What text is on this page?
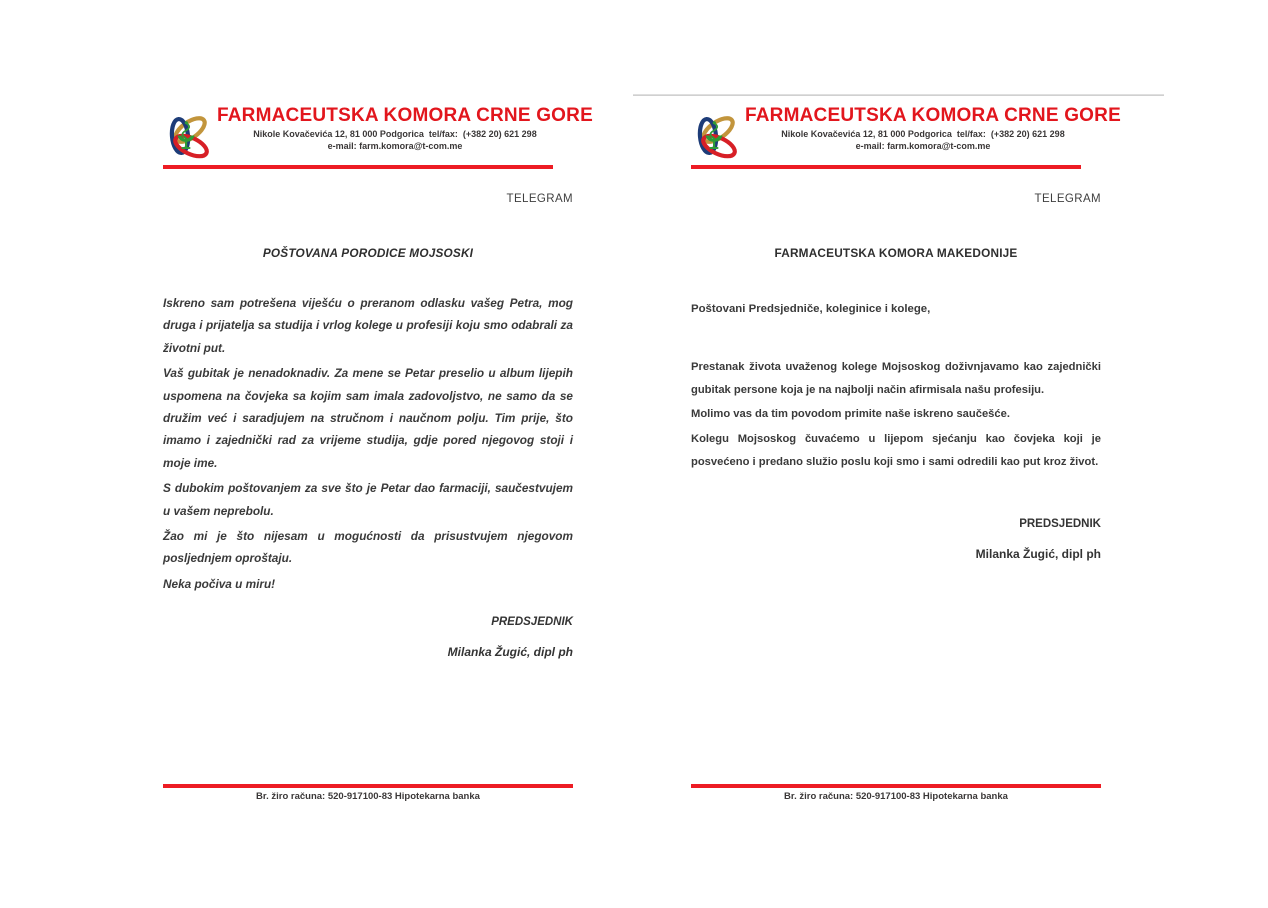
FARMACEUTSKA KOMORA CRNE GORE
Nikole Kovačevića 12, 81 000 Podgorica  tel/fax:  (+382 20) 621 298
e-mail: farm.komora@t-com.me
TELEGRAM
POŠTOVANA PORODICE MOJSOSKI

Iskreno sam potrešena viješću o preranom odlasku vašeg Petra, mog druga i prijatelja sa studija i vrlog kolege u profesiji koju smo odabrali za životni put.

Vaš gubitak je nenadoknadiv. Za mene se Petar preselio u album lijepih uspomena na čovjeka sa kojim sam imala zadovoljstvo, ne samo da se družim već i saradjujem na stručnom i naučnom polju. Tim prije, što imamo i zajednički rad za vrijeme studija, gdje pored njegovog stoji i moje ime.

S dubokim poštovanjem za sve što je Petar dao farmaciji, saučestvujem u vašem neprebolu.

Žao mi je što nijesam u mogućnosti da prisustvujem njegovom posljednjem oproštaju.

Neka počiva u miru!

PREDSJEDNIK
Milanka Žugić, dipl ph
Br. žiro računa: 520-917100-83 Hipotekarna banka
FARMACEUTSKA KOMORA CRNE GORE
Nikole Kovačevića 12, 81 000 Podgorica  tel/fax:  (+382 20) 621 298
e-mail: farm.komora@t-com.me
TELEGRAM
FARMACEUTSKA KOMORA MAKEDONIJE
Poštovani Predsjedniče, koleginice i kolege,

Prestanak života uvaženog kolege Mojsoskog doživnjavamo kao zajednički gubitak persone koja je na najbolji način afirmisala našu profesiju.

Molimo vas da tim povodom primite naše iskreno saučešće.

Kolegu Mojsoskog čuvaćemo u lijepom sjećanju kao čovjeka koji je posvećeno i predano služio poslu koji smo i sami odredili kao put kroz život.

PREDSJEDNIK
Milanka Žugić, dipl ph
Br. žiro računa: 520-917100-83 Hipotekarna banka
